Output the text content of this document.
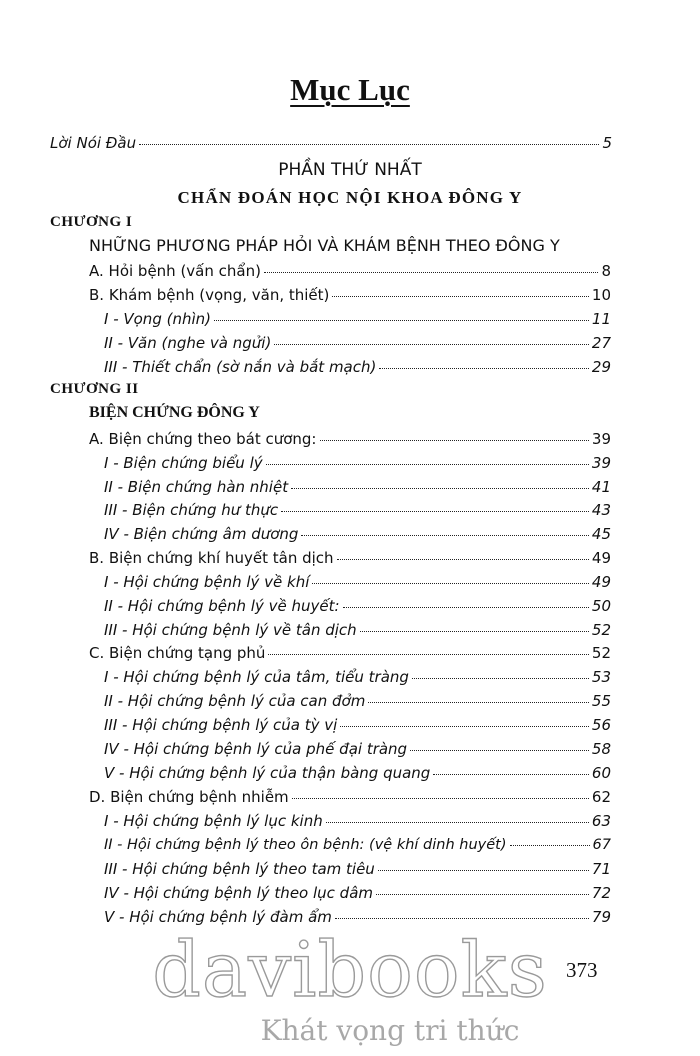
Mục Lục
Lời Nói Đầu	5
PHẦN THỨ NHẤT
CHẨN ĐOÁN HỌC NỘI KHOA ĐÔNG Y
CHƯƠNG I
NHỮNG PHƯƠNG PHÁP HỎI VÀ KHÁM BỆNH THEO ĐÔNG Y
A. Hỏi bệnh (vấn chẩn)	8
B. Khám bệnh (vọng, văn, thiết)	10
I - Vọng (nhìn)	11
II - Văn (nghe và ngửi)	27
III - Thiết chẩn (sờ nắn và bắt mạch)	29
CHƯƠNG II
BIỆN CHỨNG ĐÔNG Y
A. Biện chứng theo bát cương:	39
I - Biện chứng biểu lý	39
II - Biện chứng hàn nhiệt	41
III - Biện chứng hư thực	43
IV - Biện chứng âm dương	45
B. Biện chứng khí huyết tân dịch	49
I - Hội chứng bệnh lý về khí	49
II - Hội chứng bệnh lý về huyết:	50
III - Hội chứng bệnh lý về tân dịch	52
C. Biện chứng tạng phủ	52
I - Hội chứng bệnh lý của tâm, tiểu tràng	53
II - Hội chứng bệnh lý của can đởm	55
III - Hội chứng bệnh lý của tỳ vị	56
IV - Hội chứng bệnh lý của phế đại tràng	58
V - Hội chứng bệnh lý của thận bàng quang	60
D. Biện chứng bệnh nhiễm	62
I - Hội chứng bệnh lý lục kinh	63
II - Hội chứng bệnh lý theo ôn bệnh: (vệ khí dinh huyết)	67
III - Hội chứng bệnh lý theo tam tiêu	71
IV - Hội chứng bệnh lý theo lục dâm	72
V - Hội chứng bệnh lý đàm ẩm	79
davibooks 373
Khát vọng tri thức
